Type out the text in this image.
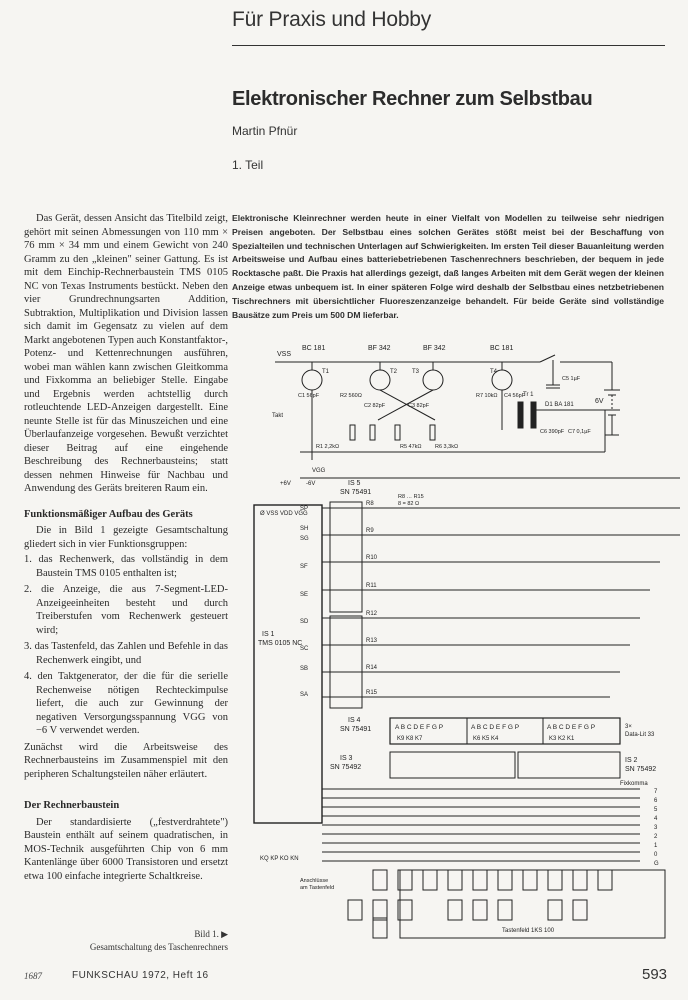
Für Praxis und Hobby
Elektronischer Rechner zum Selbstbau
Martin Pfnür
1. Teil
Elektronische Kleinrechner werden heute in einer Vielfalt von Modellen zu teilweise sehr niedrigen Preisen angeboten. Der Selbstbau eines solchen Gerätes stößt meist bei der Beschaffung von Spezialteilen und technischen Unterlagen auf Schwierigkeiten. Im ersten Teil dieser Bauanleitung werden Arbeitsweise und Aufbau eines batteriebetriebenen Taschenrechners beschrieben, der bequem in jede Rocktasche paßt. Die Praxis hat allerdings gezeigt, daß langes Arbeiten mit dem Gerät wegen der kleinen Anzeige etwas unbequem ist. In einer späteren Folge wird deshalb der Selbstbau eines netzbetriebenen Tischrechners mit übersichtlicher Fluoreszenzanzeige behandelt. Für beide Geräte sind vollständige Bausätze zum Preis um 500 DM lieferbar.

Das Gerät, dessen Ansicht das Titelbild zeigt, gehört mit seinen Abmessungen von 110 mm × 76 mm × 34 mm und einem Gewicht von 240 Gramm zu den „kleinen" seiner Gattung. Es ist mit dem Einchip-Rechnerbaustein TMS 0105 NC von Texas Instruments bestückt. Neben den vier Grundrechnungsarten Addition, Subtraktion, Multiplikation und Division lassen sich damit im Gegensatz zu vielen auf dem Markt angebotenen Typen auch Konstantfaktor-, Potenz- und Kettenrechnungen ausführen, wobei man wählen kann zwischen Gleitkomma und Fixkomma an beliebiger Stelle. Eingabe und Ergebnis werden achtstellig durch rotleuchtende LED-Anzeigen dargestellt. Eine neunte Stelle ist für das Minuszeichen und eine Überlaufanzeige vorgesehen. Bewußt verzichtet dieser Beitrag auf eine eingehende Beschreibung des Rechnerbausteins; statt dessen nehmen Hinweise für Nachbau und Anwendung des Geräts breiteren Raum ein.

Funktionsmäßiger Aufbau des Geräts

Die in Bild 1 gezeigte Gesamtschaltung gliedert sich in vier Funktionsgruppen:

1. das Rechenwerk, das vollständig in dem Baustein TMS 0105 enthalten ist;
2. die Anzeige, die aus 7-Segment-LED-Anzeigeeinheiten besteht und durch Treiberstufen vom Rechenwerk gesteuert wird;
3. das Tastenfeld, das Zahlen und Befehle in das Rechenwerk eingibt, und
4. den Taktgenerator, der die für die serielle Rechenweise nötigen Rechteckimpulse liefert, die auch zur Gewinnung der negativen Versorgungsspannung VGG von −6 V verwendet werden.

Zunächst wird die Arbeitsweise des Rechnerbausteins im Zusammenspiel mit den peripheren Schaltungsteilen näher erläutert.

Der Rechnerbaustein

Der standardisierte („festverdrahtete") Baustein enthält auf seinem quadratischen, in MOS-Technik ausgeführten Chip von 6 mm Kantenlänge über 6000 Transistoren und ersetzt etwa 100 einfache integrierte Schaltkreise.

Bild 1. ▶
Gesamtschaltung des Taschenrechners
6V
VSS
BC 181	BF 342	BF 342	BC 181
T1	T2 T3	T4
Takt
C1 56pF	R2 560Ω
C2 82pF	C3 82pF
R7 10kΩ C4 56pF
R1 2,2kΩ	R5 47kΩ R6 3,3kΩ
Tr 1
C5 1µF
D1 BA 181
C6 390pF C7 0,1µF
VGG
Ø VSS VDD VGG
IS 1
TMS 0105 NC
+6V	-6V
SP
SH
SG
SF
SE
SD
SC
SB
SA
IS 5
SN 75491
IS 4
SN 75491
R8 … R15
8 = 82 Ω
R8
R9
R10
R11
R12
R13
R14
R15
A B C D E F G P	A B C D E F G P	A B C D E F G P
K9 K8 K7	K6 K5 K4	K3 K2 K1
3×
Data-Lit 33
IS 3
SN 75492
IS 2
SN 75492
Fixkomma
7
6
5
4
3
2
1
0
G
KQ KP KO KN
Anschlüsse
am Tastenfeld
Tastenfeld 1KS 100
1687	FUNKSCHAU 1972, Heft 16	593
